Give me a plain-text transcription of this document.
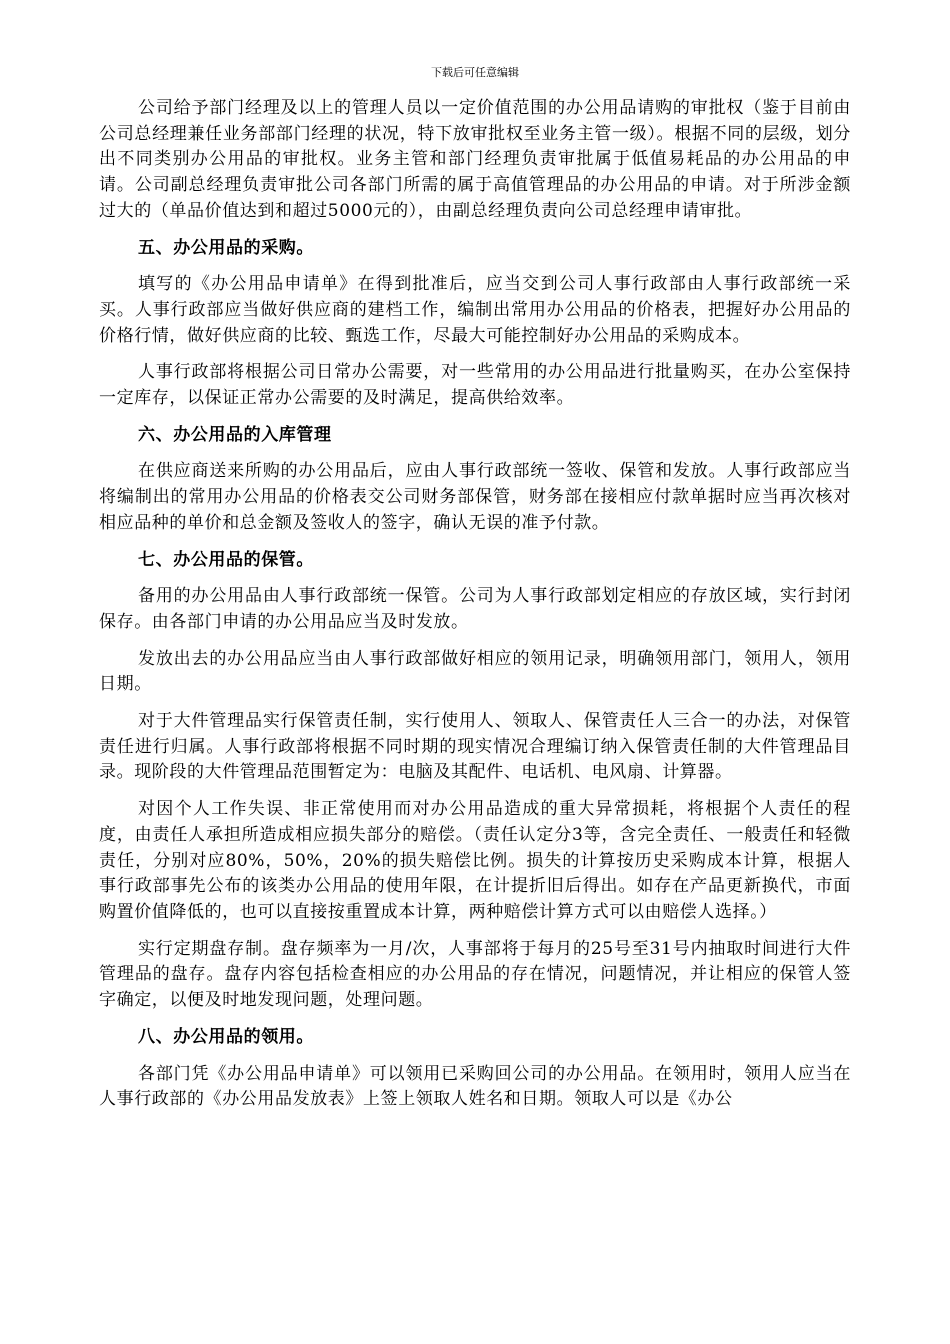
下载后可任意编辑

公司给予部门经理及以上的管理人员以一定价值范围的办公用品请购的审批权（鉴于目前由公司总经理兼任业务部部门经理的状况，特下放审批权至业务主管一级）。根据不同的层级，划分出不同类别办公用品的审批权。业务主管和部门经理负责审批属于低值易耗品的办公用品的申请。公司副总经理负责审批公司各部门所需的属于高值管理品的办公用品的申请。对于所涉金额过大的（单品价值达到和超过5000元的），由副总经理负责向公司总经理申请审批。

五、办公用品的采购。

填写的《办公用品申请单》在得到批准后，应当交到公司人事行政部由人事行政部统一采买。人事行政部应当做好供应商的建档工作，编制出常用办公用品的价格表，把握好办公用品的价格行情，做好供应商的比较、甄选工作，尽最大可能控制好办公用品的采购成本。

人事行政部将根据公司日常办公需要，对一些常用的办公用品进行批量购买，在办公室保持一定库存，以保证正常办公需要的及时满足，提高供给效率。

六、办公用品的入库管理

在供应商送来所购的办公用品后，应由人事行政部统一签收、保管和发放。人事行政部应当将编制出的常用办公用品的价格表交公司财务部保管，财务部在接相应付款单据时应当再次核对相应品种的单价和总金额及签收人的签字，确认无误的准予付款。

七、办公用品的保管。

备用的办公用品由人事行政部统一保管。公司为人事行政部划定相应的存放区域，实行封闭保存。由各部门申请的办公用品应当及时发放。

发放出去的办公用品应当由人事行政部做好相应的领用记录，明确领用部门，领用人，领用日期。

对于大件管理品实行保管责任制，实行使用人、领取人、保管责任人三合一的办法，对保管责任进行归属。人事行政部将根据不同时期的现实情况合理编订纳入保管责任制的大件管理品目录。现阶段的大件管理品范围暂定为：电脑及其配件、电话机、电风扇、计算器。

对因个人工作失误、非正常使用而对办公用品造成的重大异常损耗，将根据个人责任的程度，由责任人承担所造成相应损失部分的赔偿。（责任认定分3等，含完全责任、一般责任和轻微责任，分别对应80%，50%，20%的损失赔偿比例。损失的计算按历史采购成本计算，根据人事行政部事先公布的该类办公用品的使用年限，在计提折旧后得出。如存在产品更新换代，市面购置价值降低的，也可以直接按重置成本计算，两种赔偿计算方式可以由赔偿人选择。）

实行定期盘存制。盘存频率为一月/次，人事部将于每月的25号至31号内抽取时间进行大件管理品的盘存。盘存内容包括检查相应的办公用品的存在情况，问题情况，并让相应的保管人签字确定，以便及时地发现问题，处理问题。

八、办公用品的领用。

各部门凭《办公用品申请单》可以领用已采购回公司的办公用品。在领用时，领用人应当在人事行政部的《办公用品发放表》上签上领取人姓名和日期。领取人可以是《办公
